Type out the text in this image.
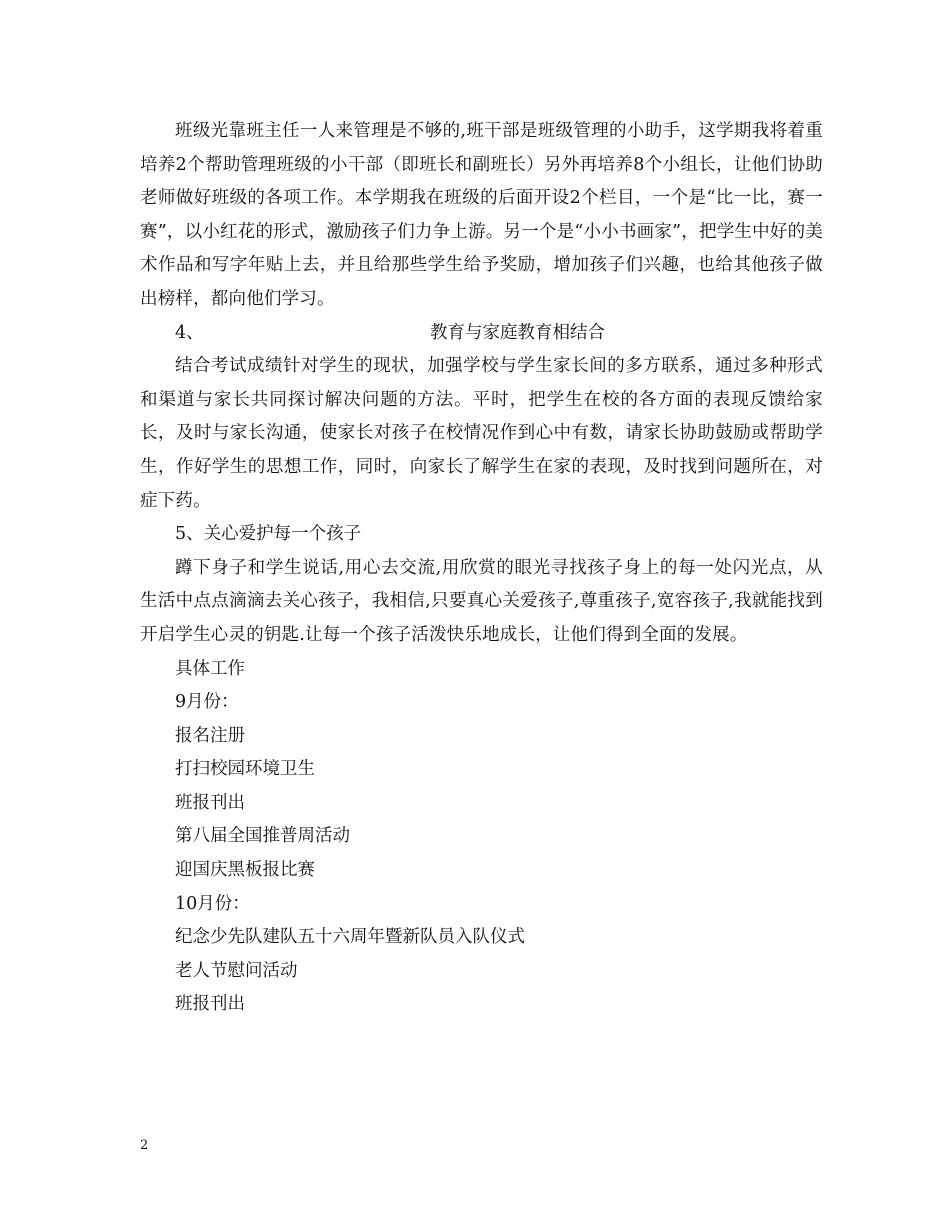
班级光靠班主任一人来管理是不够的,班干部是班级管理的小助手，这学期我将着重培养2个帮助管理班级的小干部（即班长和副班长）另外再培养8个小组长，让他们协助老师做好班级的各项工作。本学期我在班级的后面开设2个栏目，一个是“比一比，赛一赛”，以小红花的形式，激励孩子们力争上游。另一个是“小小书画家”，把学生中好的美术作品和写字年贴上去，并且给那些学生给予奖励，增加孩子们兴趣，也给其他孩子做出榜样，都向他们学习。

4、	教育与家庭教育相结合

结合考试成绩针对学生的现状，加强学校与学生家长间的多方联系，通过多种形式和渠道与家长共同探讨解决问题的方法。平时，把学生在校的各方面的表现反馈给家长，及时与家长沟通，使家长对孩子在校情况作到心中有数，请家长协助鼓励或帮助学生，作好学生的思想工作，同时，向家长了解学生在家的表现，及时找到问题所在，对症下药。

5、关心爱护每一个孩子

蹲下身子和学生说话,用心去交流,用欣赏的眼光寻找孩子身上的每一处闪光点，从生活中点点滴滴去关心孩子，我相信,只要真心关爱孩子,尊重孩子,宽容孩子,我就能找到开启学生心灵的钥匙.让每一个孩子活泼快乐地成长，让他们得到全面的发展。

具体工作

9月份：

报名注册

打扫校园环境卫生

班报刊出

第八届全国推普周活动

迎国庆黑板报比赛

10月份：

纪念少先队建队五十六周年暨新队员入队仪式

老人节慰问活动

班报刊出

2
